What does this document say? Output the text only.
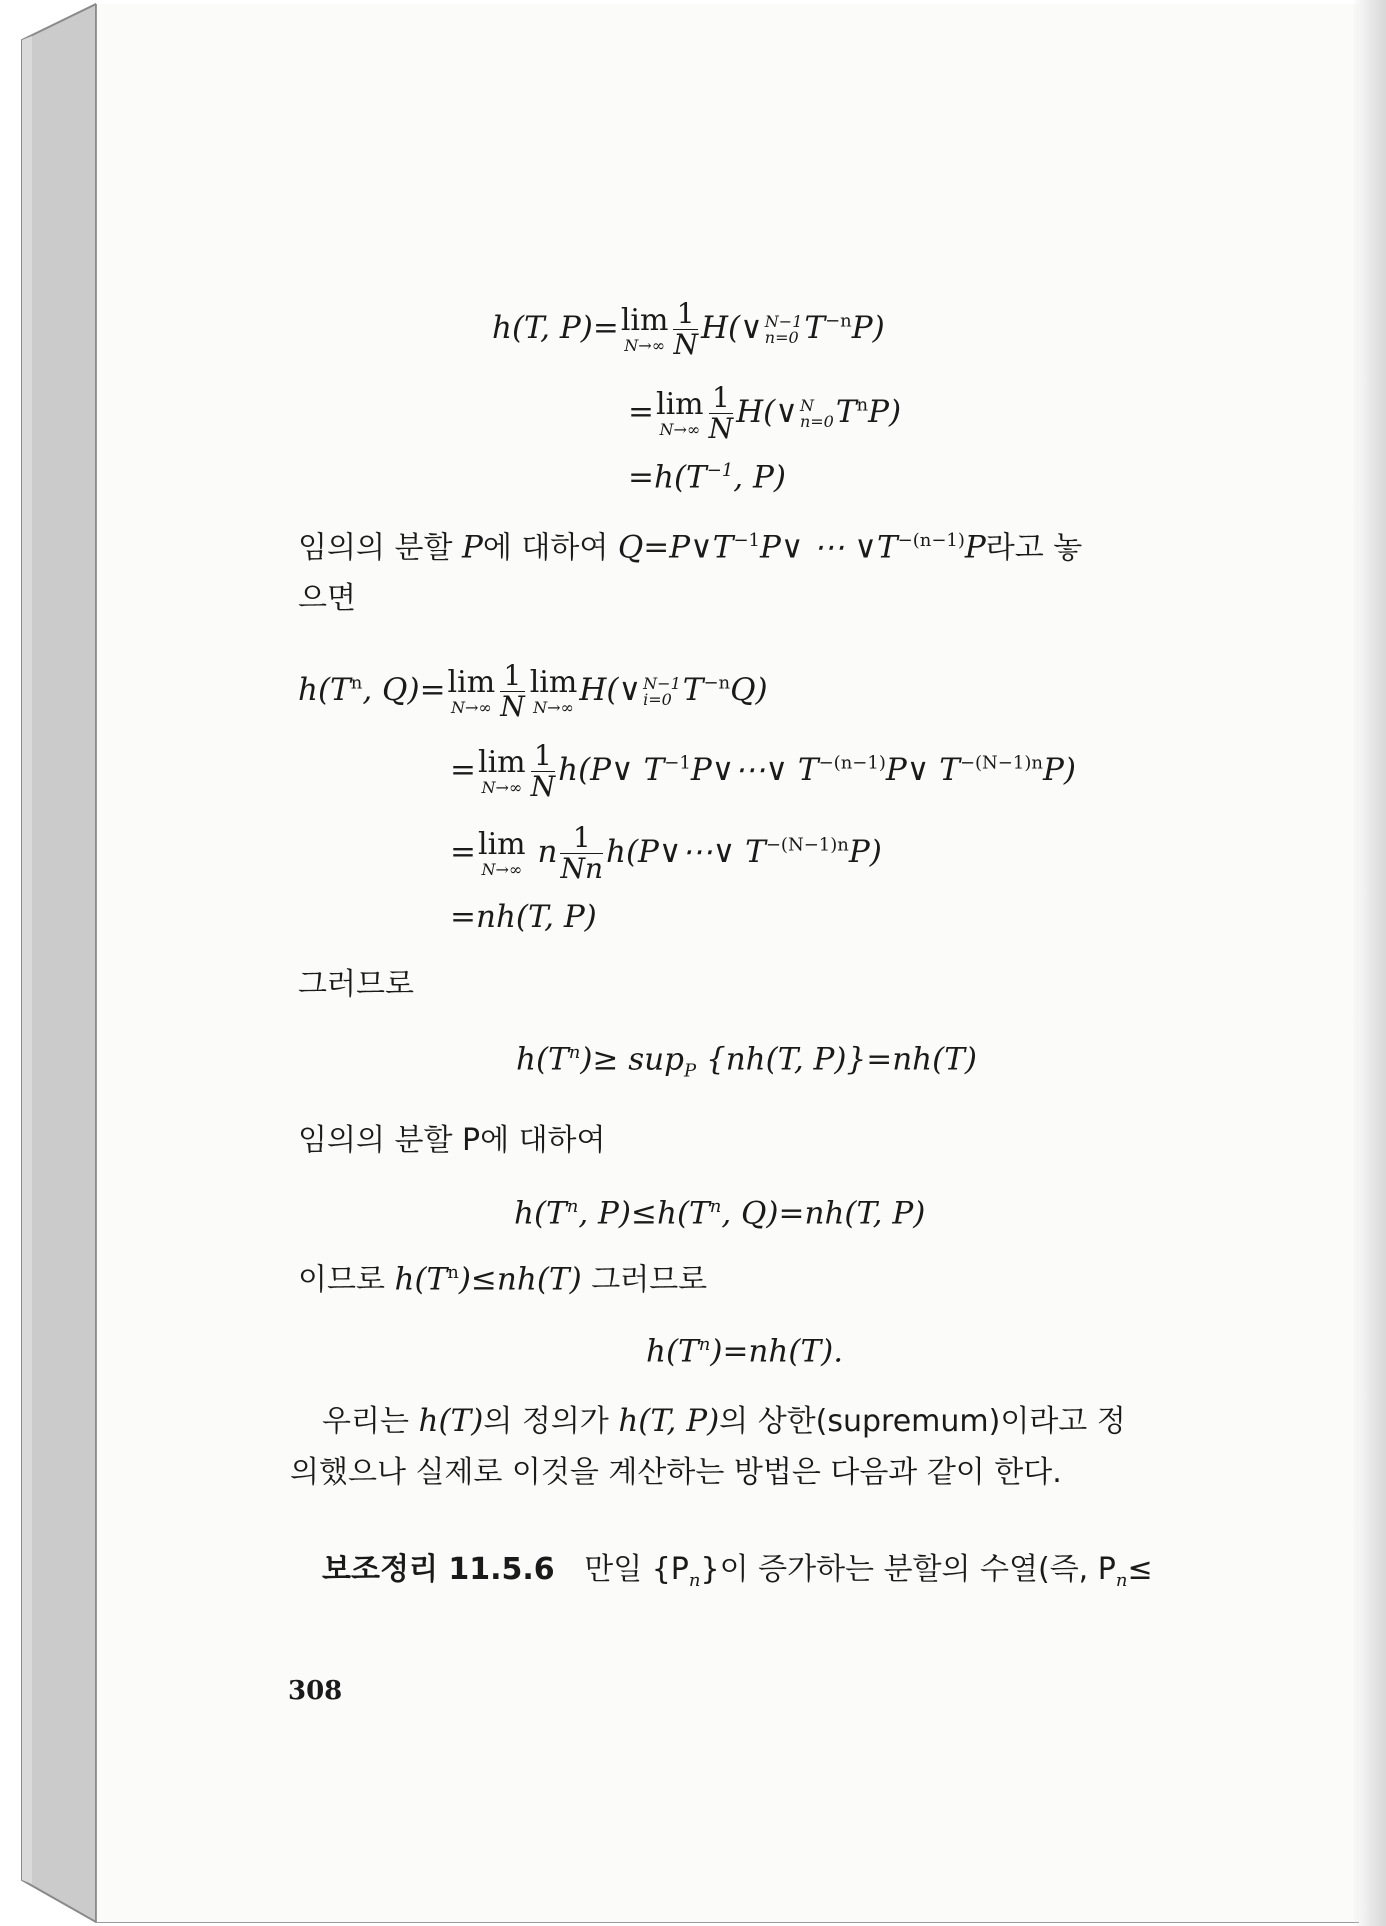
h(T, P)= lim
$N\to\infty \frac{1}{N}$ H(∨ N−1
n=0 $T^{-n}P$)
= lim
$N\to\infty \frac{1}{N}$ H(∨ N
n=0 $T^nP$)
$=h(T^{-1}$, P)
임의의 분할 P에 대하여 $Q=P\vee T^{-1}P\vee$ ⋯ $\vee T^{-(n-1)}P$라고 놓
으면
$h(T^n$, Q)= lim
$N\to\infty \frac{1}{N}$ lim
N→∞ H(∨ N−1
i=0 $T^{-n}Q$)
= lim
$N\to\infty \frac{1}{N}$ h(P∨ $T^{-1}P\vee\cdots\vee$ $T^{-(n-1)}P\vee$ $T^{-(N-1)n}P$)
= lim
N→∞ n $\frac{1}{Nn}$ h(P∨⋯∨ $T^{-(N-1)n}P$)
=nh(T, P)
그러므로
$h(T^n)\ge sup_P$ {nh(T, P)}=nh(T)
임의의 분할 P에 대하여
$h(T^n$, $P)\le h(T^n$, Q)=nh(T, P)
이므로 $h(T^n)\le nh(T)$ 그러므로
$h(T^n)=nh(T)$.
우리는 h(T)의 정의가 h(T, P)의 상한(supremum)이라고 정
의했으나 실제로 이것을 계산하는 방법은 다음과 같이 한다.
보조정리 11.5.6 만일 $\{P_n\}$이 증가하는 분할의 수열(즉, $P_n\le$
308
